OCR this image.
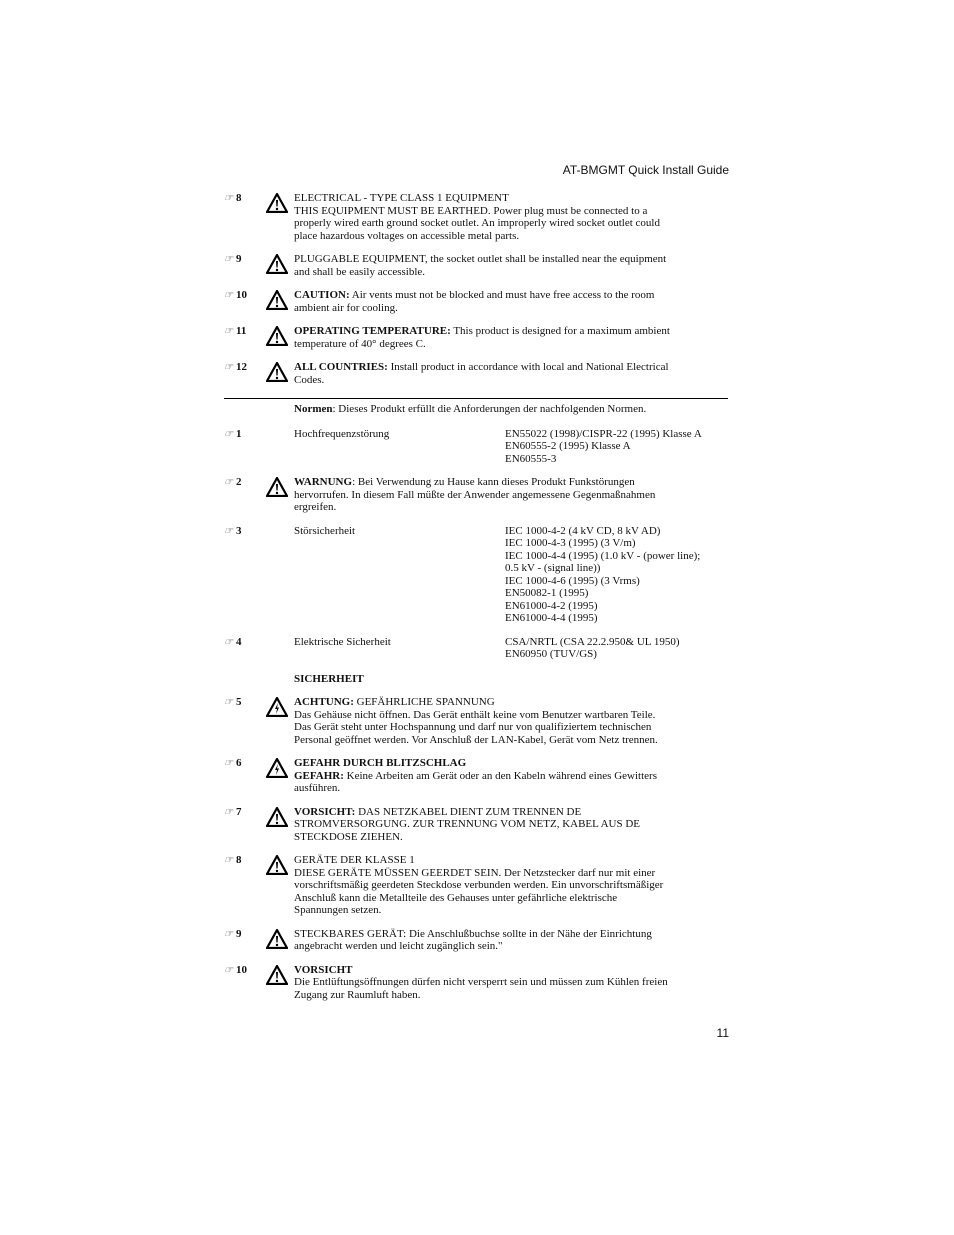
AT-BMGMT Quick Install Guide
☞ 8	ELECTRICAL - TYPE CLASS 1 EQUIPMENT
THIS EQUIPMENT MUST BE EARTHED. Power plug must be connected to a
properly wired earth ground socket outlet. An improperly wired socket outlet could
place hazardous voltages on accessible metal parts.
☞ 9	PLUGGABLE EQUIPMENT, the socket outlet shall be installed near the equipment
and shall be easily accessible.
☞ 10	CAUTION: Air vents must not be blocked and must have free access to the room
ambient air for cooling.
☞ 11	OPERATING TEMPERATURE: This product is designed for a maximum ambient
temperature of 40° degrees C.
☞ 12	ALL COUNTRIES: Install product in accordance with local and National Electrical
Codes.
Normen: Dieses Produkt erfüllt die Anforderungen der nachfolgenden Normen.
☞ 1	Hochfrequenzstörung	EN55022 (1998)/CISPR-22 (1995) Klasse A
EN60555-2 (1995) Klasse A
EN60555-3
☞ 2	WARNUNG: Bei Verwendung zu Hause kann dieses Produkt Funkstörungen
hervorrufen. In diesem Fall müßte der Anwender angemessene Gegenmaßnahmen
ergreifen.
☞ 3	Störsicherheit	IEC 1000-4-2 (4 kV CD, 8 kV AD)
IEC 1000-4-3 (1995) (3 V/m)
IEC 1000-4-4 (1995) (1.0 kV - (power line);
0.5 kV - (signal line))
IEC 1000-4-6 (1995) (3 Vrms)
EN50082-1 (1995)
EN61000-4-2 (1995)
EN61000-4-4 (1995)
☞ 4	Elektrische Sicherheit	CSA/NRTL (CSA 22.2.950& UL 1950)
EN60950 (TUV/GS)
SICHERHEIT
☞ 5	ACHTUNG: GEFÄHRLICHE SPANNUNG
Das Gehäuse nicht öffnen. Das Gerät enthält keine vom Benutzer wartbaren Teile.
Das Gerät steht unter Hochspannung und darf nur von qualifiziertem technischen
Personal geöffnet werden. Vor Anschluß der LAN-Kabel, Gerät vom Netz trennen.
☞ 6	GEFAHR DURCH BLITZSCHLAG
GEFAHR: Keine Arbeiten am Gerät oder an den Kabeln während eines Gewitters
ausführen.
☞ 7	VORSICHT: DAS NETZKABEL DIENT ZUM TRENNEN DE
STROMVERSORGUNG. ZUR TRENNUNG VOM NETZ, KABEL AUS DE
STECKDOSE ZIEHEN.
☞ 8	GERÄTE DER KLASSE 1
DIESE GERÄTE MÜSSEN GEERDET SEIN. Der Netzstecker darf nur mit einer
vorschriftsmäßig geerdeten Steckdose verbunden werden. Ein unvorschriftsmäßiger
Anschluß kann die Metallteile des Gehauses unter gefährliche elektrische
Spannungen setzen.
☞ 9	STECKBARES GERÄT: Die Anschlußbuchse sollte in der Nähe der Einrichtung
angebracht werden und leicht zugänglich sein."
☞ 10	VORSICHT
Die Entlüftungsöffnungen dürfen nicht versperrt sein und müssen zum Kühlen freien
Zugang zur Raumluft haben.
11
